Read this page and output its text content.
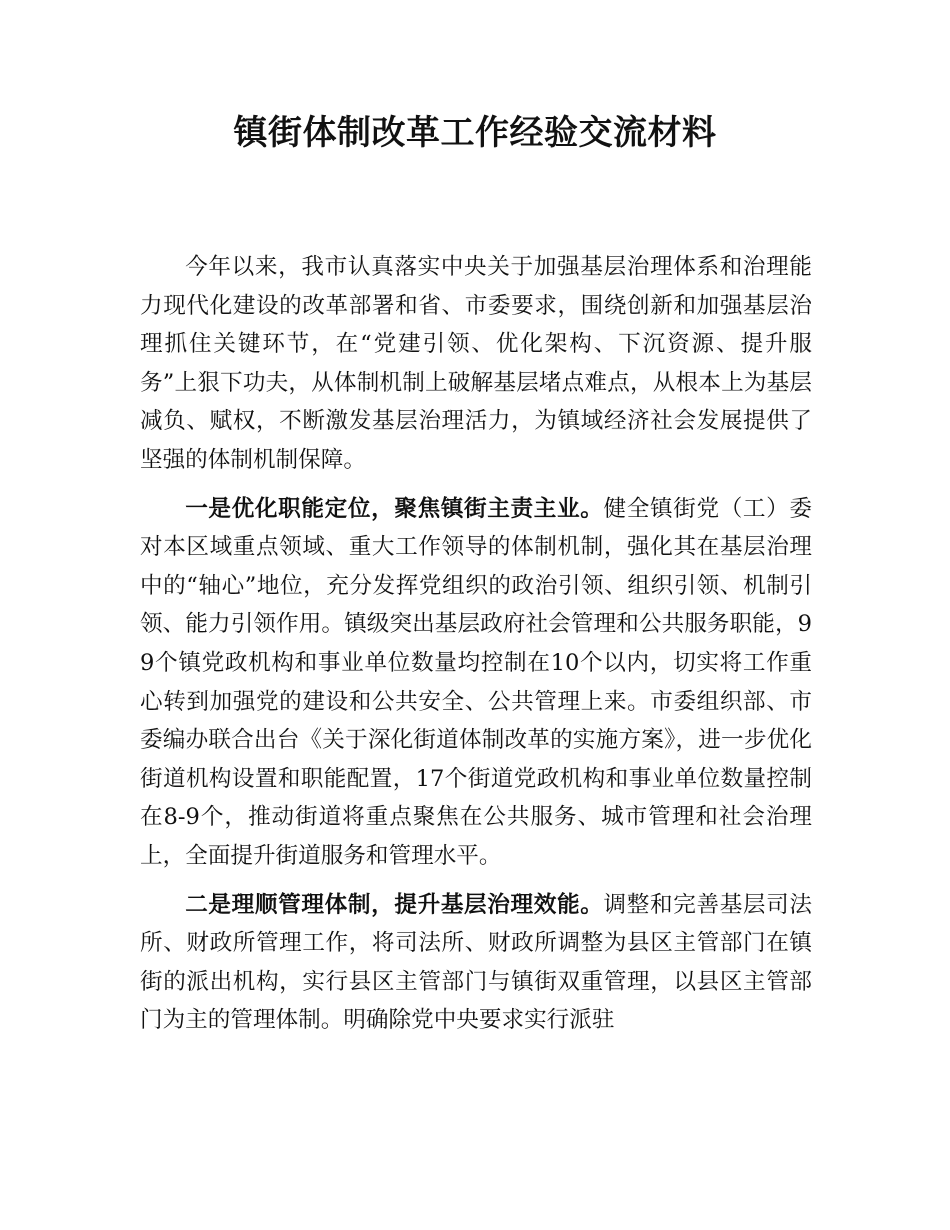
镇街体制改革工作经验交流材料

今年以来，我市认真落实中央关于加强基层治理体系和治理能力现代化建设的改革部署和省、市委要求，围绕创新和加强基层治理抓住关键环节，在“党建引领、优化架构、下沉资源、提升服务”上狠下功夫，从体制机制上破解基层堵点难点，从根本上为基层减负、赋权，不断激发基层治理活力，为镇域经济社会发展提供了坚强的体制机制保障。

一是优化职能定位，聚焦镇街主责主业。健全镇街党（工）委对本区域重点领域、重大工作领导的体制机制，强化其在基层治理中的“轴心”地位，充分发挥党组织的政治引领、组织引领、机制引领、能力引领作用。镇级突出基层政府社会管理和公共服务职能，99个镇党政机构和事业单位数量均控制在10个以内，切实将工作重心转到加强党的建设和公共安全、公共管理上来。市委组织部、市委编办联合出台《关于深化街道体制改革的实施方案》，进一步优化街道机构设置和职能配置，17个街道党政机构和事业单位数量控制在8-9个，推动街道将重点聚焦在公共服务、城市管理和社会治理上，全面提升街道服务和管理水平。

二是理顺管理体制，提升基层治理效能。调整和完善基层司法所、财政所管理工作，将司法所、财政所调整为县区主管部门在镇街的派出机构，实行县区主管部门与镇街双重管理，以县区主管部门为主的管理体制。明确除党中央要求实行派驻
